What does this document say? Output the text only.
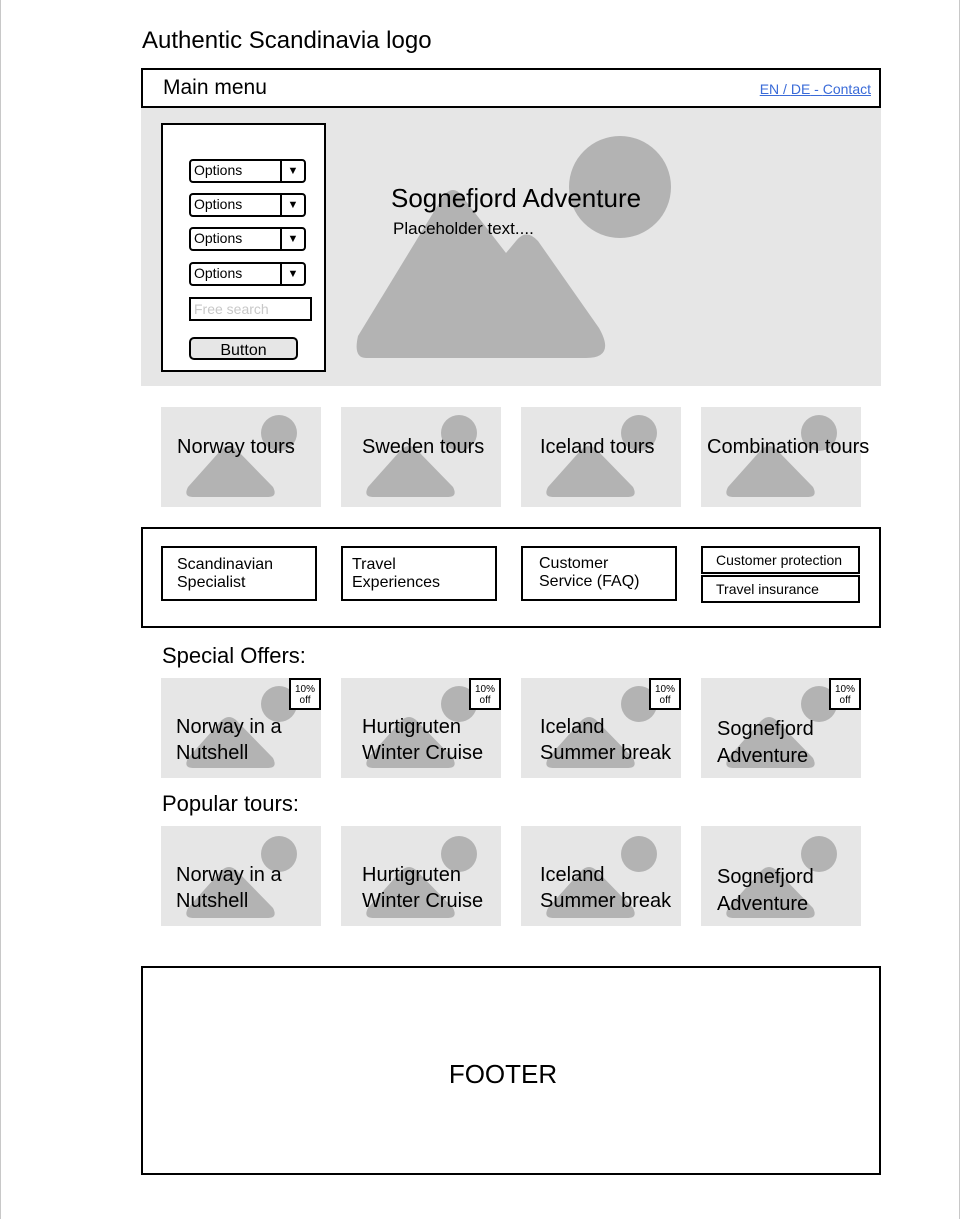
Authentic Scandinavia logo
Main menu	EN / DE - Contact
Sognefjord Adventure
Placeholder text....
Options	▼
Options	▼
Options	▼
Options	▼
Free search
Button
Norway tours	Sweden tours	Iceland tours	Combination tours
Scandinavian
Specialist
Travel
Experiences
Customer
Service (FAQ)
Customer protection
Travel insurance
Special Offers:
10%
off
Norway in a
Nutshell
10%
off
Hurtigruten
Winter Cruise
10%
off
Iceland
Summer break
10%
off
Sognefjord
Adventure
Popular tours:
Norway in a
Nutshell
Hurtigruten
Winter Cruise
Iceland
Summer break
Sognefjord
Adventure
FOOTER
